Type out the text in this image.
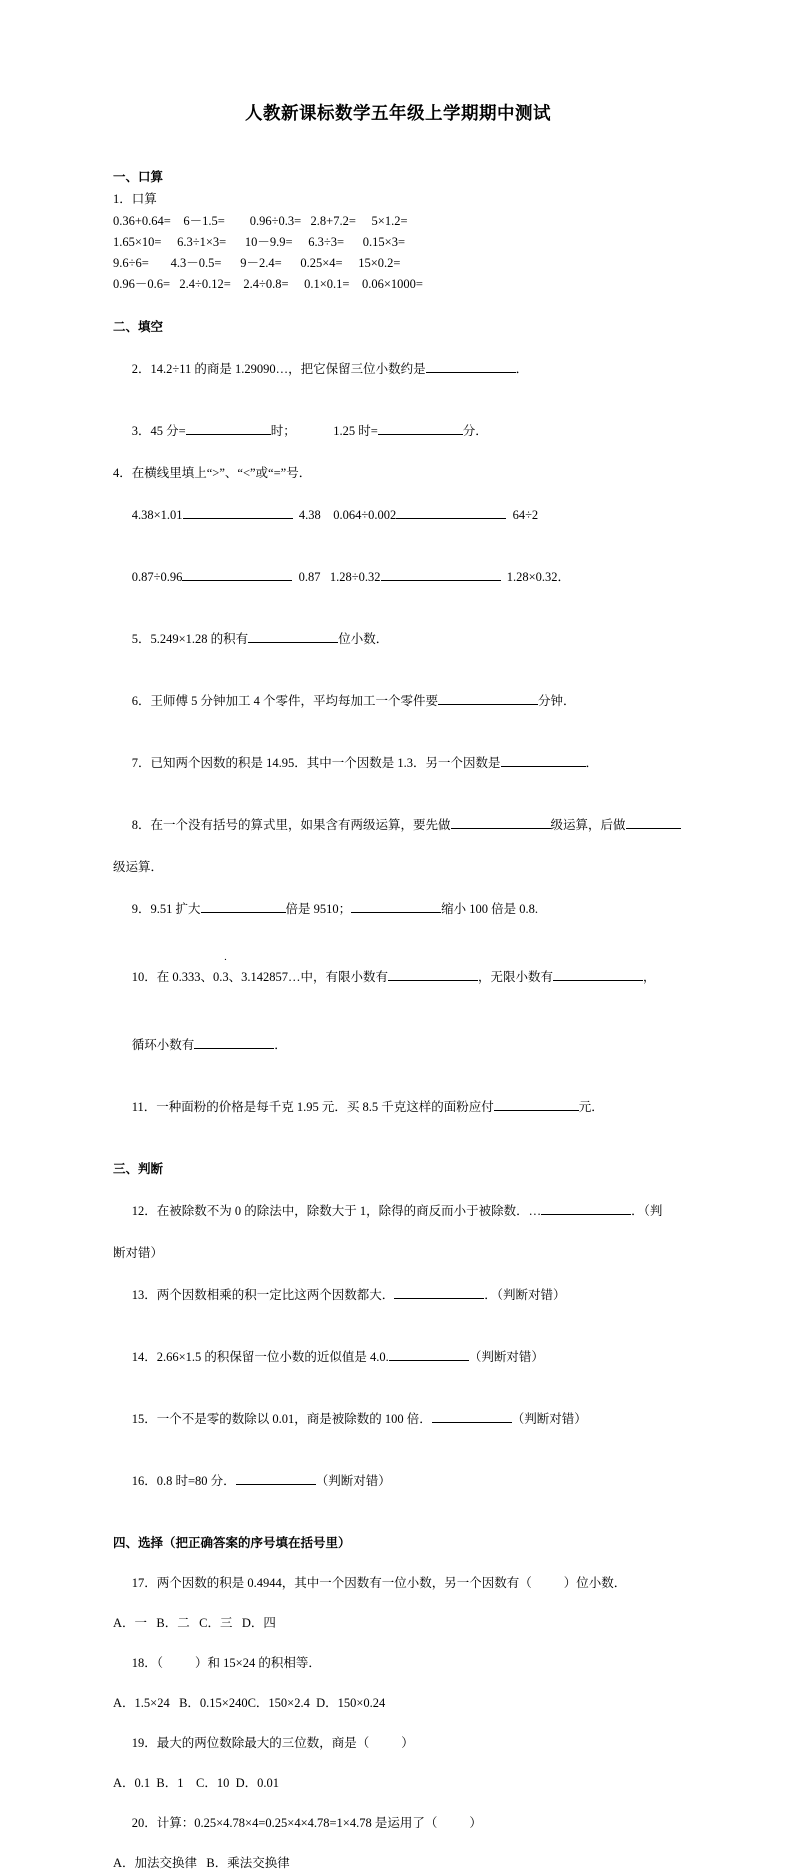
人教新课标数学五年级上学期期中测试
一、口算
1．口算
0.36+0.64=    6－1.5=        0.96÷0.3=   2.8+7.2=     5×1.2=
1.65×10=     6.3÷1×3=      10－9.9=     6.3÷3=      0.15×3=
9.6÷6=       4.3－0.5=      9－2.4=      0.25×4=     15×0.2=
0.96－0.6=   2.4÷0.12=    2.4÷0.8=     0.1×0.1=    0.06×1000=
二、填空

2．14.2÷11 的商是 1.29090…，把它保留三位小数约是	．

3．45 分=	时；            1.25 时=	分．

4．在横线里填上“>”、“<”或“=”号．

4.38×1.01	4.38    0.064÷0.002	64÷2

0.87÷0.96	0.87   1.28÷0.32	1.28×0.32．

5．5.249×1.28 的积有	位小数．

6．王师傅 5 分钟加工 4 个零件，平均每加工一个零件要	分钟．

7．已知两个因数的积是 14.95．其中一个因数是 1.3．另一个因数是	．

8．在一个没有括号的算式里，如果含有两级运算，要先做	级运算，后做

级运算．

9．9.51 扩大	倍是 9510；	缩小 100 倍是 0.8.

10．在 0.333、0.
·
3、3.142857…中，有限小数有	，无限小数有	，

循环小数有	．

11．一种面粉的价格是每千克 1.95 元．买 8.5 千克这样的面粉应付	元．

三、判断

12．在被除数不为 0 的除法中，除数大于 1，除得的商反而小于被除数．…	．（判

断对错）

13．两个因数相乘的积一定比这两个因数都大．	．（判断对错）

14．2.66×1.5 的积保留一位小数的近似值是 4.0.	（判断对错）

15．一个不是零的数除以 0.01，商是被除数的 100 倍．	（判断对错）

16．0.8 时=80 分．	（判断对错）

四、选择（把正确答案的序号填在括号里）

17．两个因数的积是 0.4944，其中一个因数有一位小数，另一个因数有（	）位小数．

A．一   B．二   C．三   D．四

18．（	）和 15×24 的积相等．

A．1.5×24   B．0.15×240C．150×2.4  D．150×0.24

19．最大的两位数除最大的三位数，商是（	）

A．0.1  B．1    C．10  D．0.01

20．计算：0.25×4.78×4=0.25×4×4.78=1×4.78 是运用了（	）

A．加法交换律   B．乘法交换律
